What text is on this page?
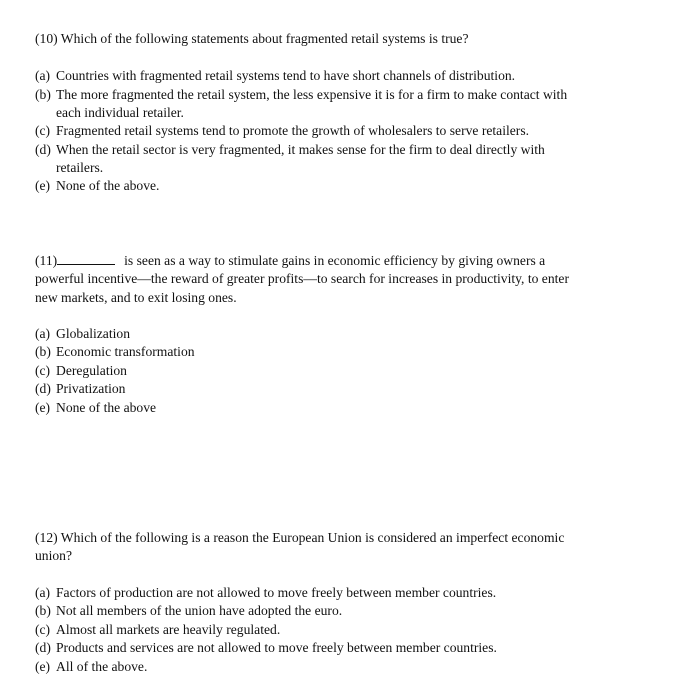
(10) Which of the following statements about fragmented retail systems is true?
(a) Countries with fragmented retail systems tend to have short channels of distribution.
(b) The more fragmented the retail system, the less expensive it is for a firm to make contact with
each individual retailer.
(c) Fragmented retail systems tend to promote the growth of wholesalers to serve retailers.
(d) When the retail sector is very fragmented, it makes sense for the firm to deal directly with
retailers.
(e) None of the above.
(11)	is seen as a way to stimulate gains in economic efficiency by giving owners a
powerful incentive—the reward of greater profits—to search for increases in productivity, to enter
new markets, and to exit losing ones.
(a) Globalization
(b) Economic transformation
(c) Deregulation
(d) Privatization
(e) None of the above
(12) Which of the following is a reason the European Union is considered an imperfect economic
union?
(a) Factors of production are not allowed to move freely between member countries.
(b) Not all members of the union have adopted the euro.
(c) Almost all markets are heavily regulated.
(d) Products and services are not allowed to move freely between member countries.
(e) All of the above.
